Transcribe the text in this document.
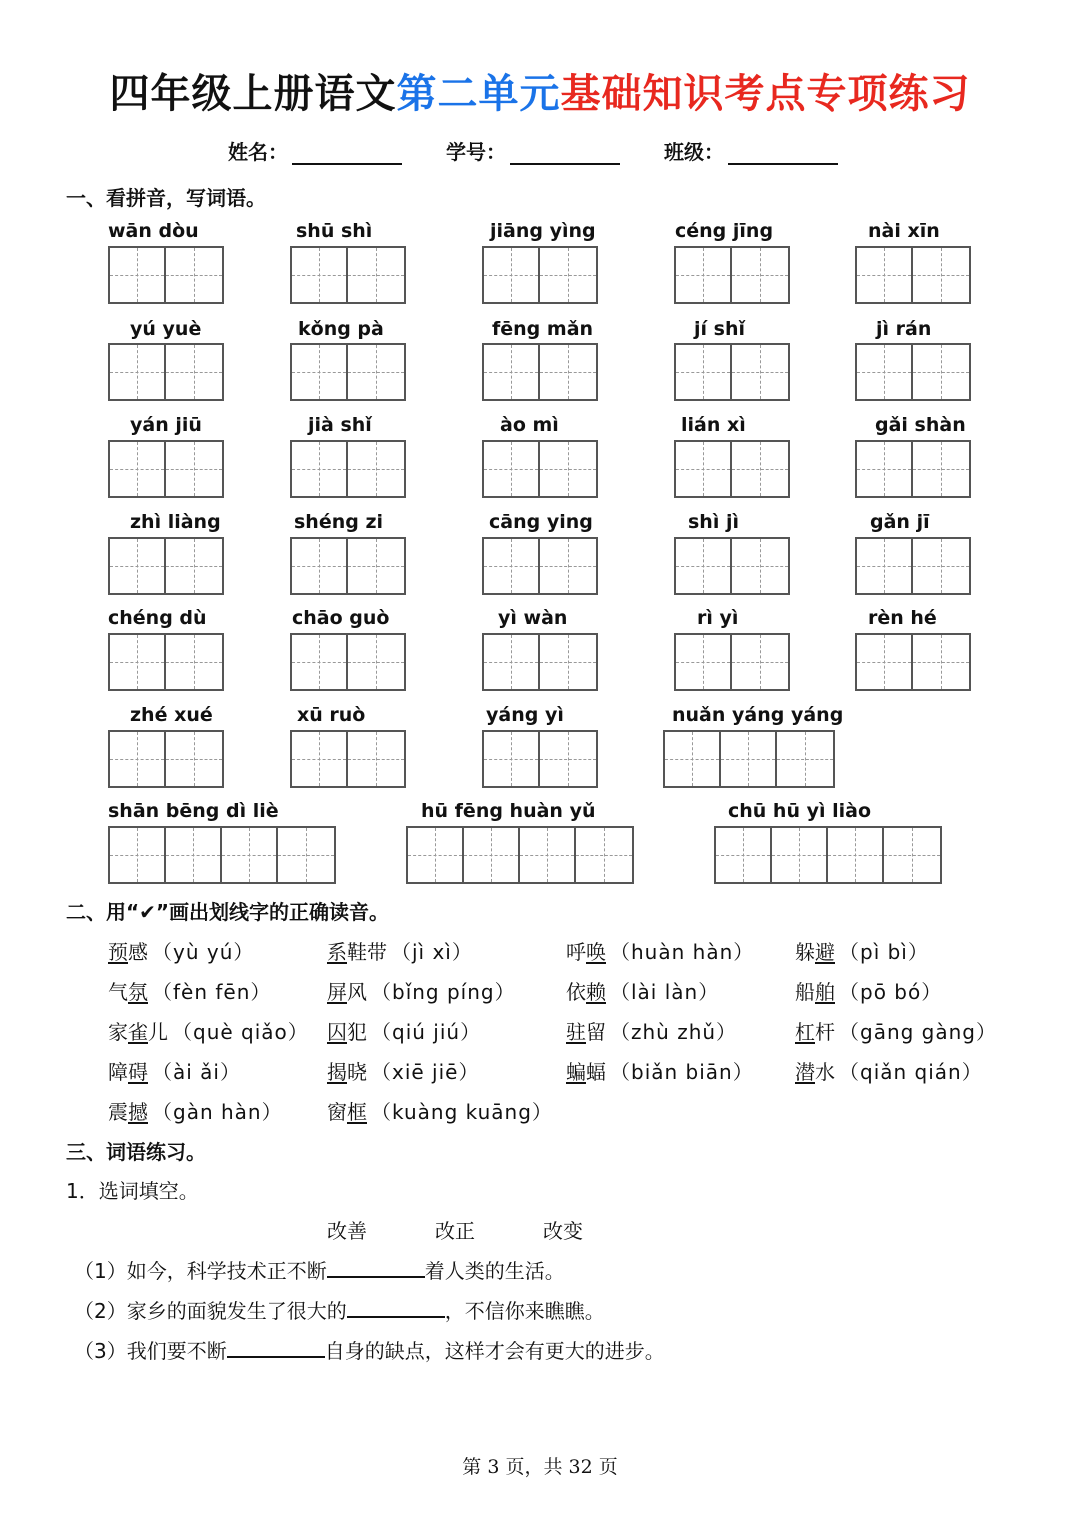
四年级上册语文第二单元基础知识考点专项练习
姓名：	学号：	班级：
一、看拼音，写词语。
wān dòu	shū shì	jiāng yìng	céng jīng	nài xīn
yú yuè	kǒng pà	fēng mǎn	jí shǐ	jì rán
yán jiū	jià shǐ	ào mì	lián xì	gǎi shàn
zhì liàng	shéng zi	cāng ying	shì jì	gǎn jī
chéng dù	chāo guò	yì wàn	rì yì	rèn hé
zhé xué	xū ruò	yáng yì	nuǎn yáng yáng
shān bēng dì liè	hū fēng huàn yǔ	chū hū yì liào
二、用“✔”画出划线字的正确读音。
预感 （yù yú）	系鞋带 （jì xì）	呼唤 （huàn hàn） 躲避 （pì bì）
气氛 （fèn fēn）	屏风 （bǐng píng）	依赖 （lài làn）	船舶 （pō bó）
家雀儿 （què qiǎo） 囚犯 （qiú jiú）	驻留 （zhù zhǔ）	杠杆 （gāng gàng）
障碍 （ài ǎi）	揭晓 （xiē jiē）	蝙蝠 （biǎn biān） 潜水 （qiǎn qián）
震撼 （gàn hàn） 窗框 （kuàng kuāng）
三、词语练习。
1．选词填空。
改善	改正	改变
（1）如今，科学技术正不断	着人类的生活。
（2）家乡的面貌发生了很大的	，不信你来瞧瞧。
（3）我们要不断	自身的缺点，这样才会有更大的进步。
第 3 页，共 32 页
